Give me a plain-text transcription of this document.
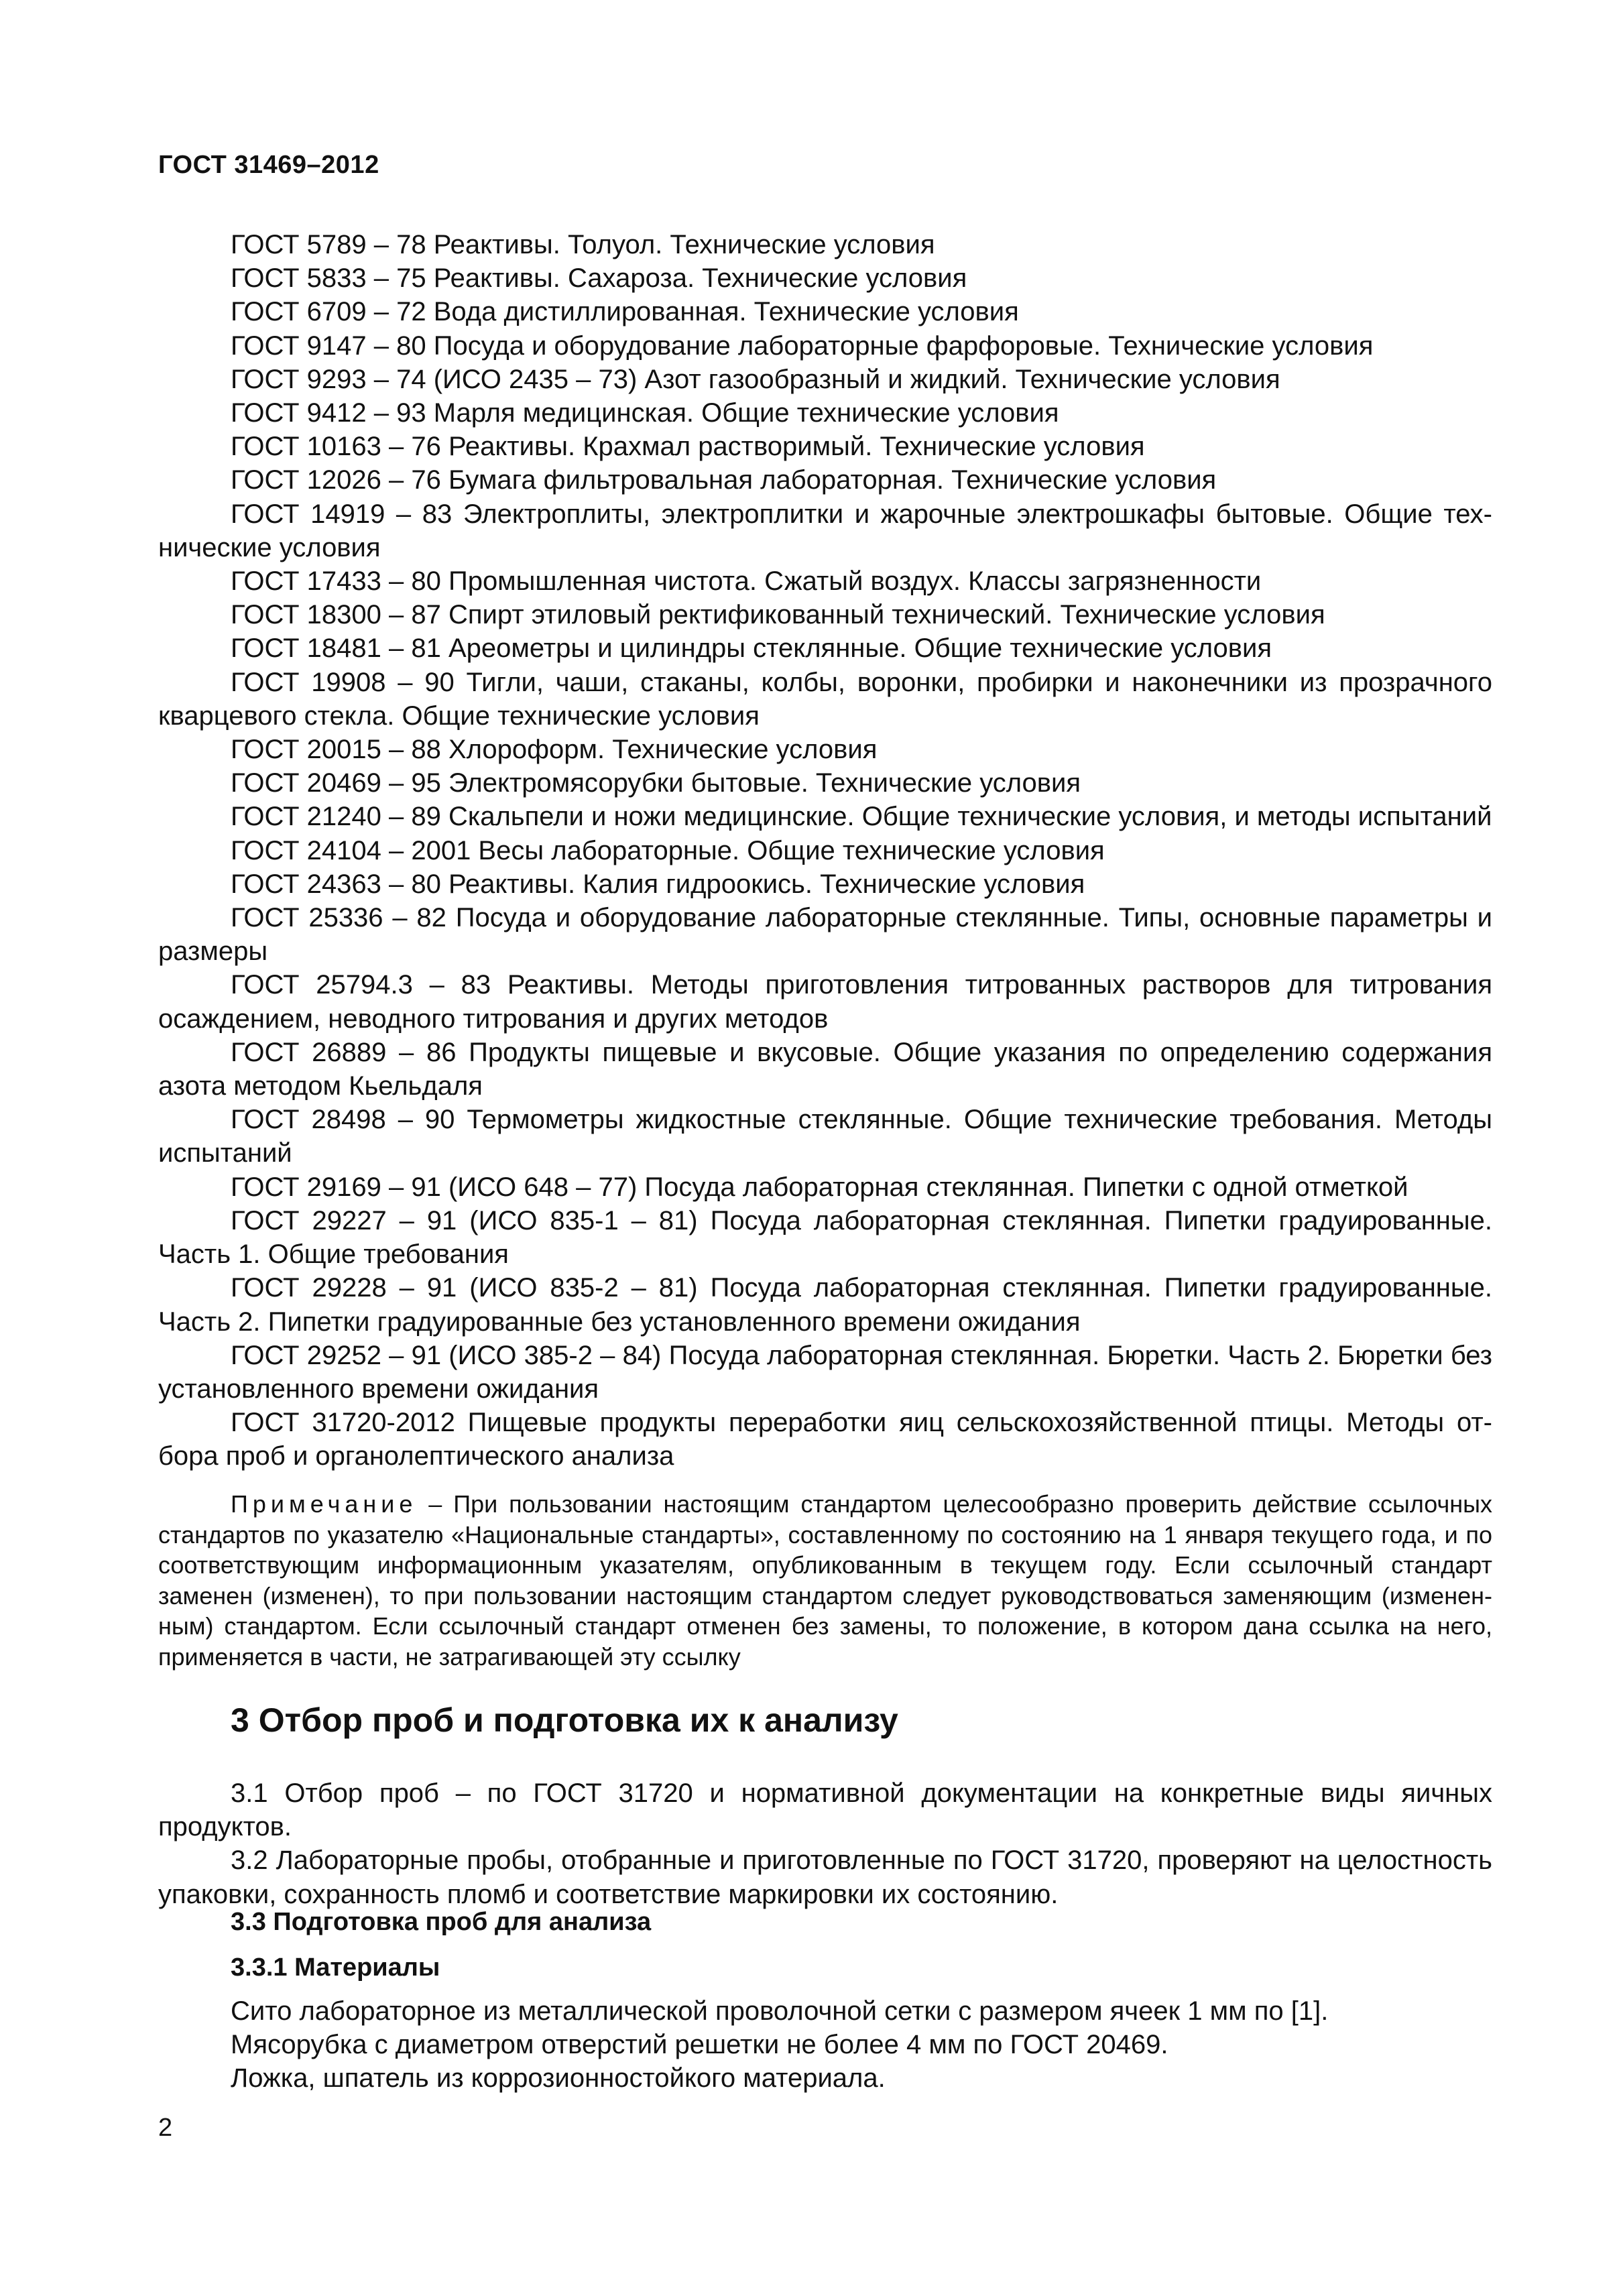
ГОСТ 31469–2012

ГОСТ 5789 – 78 Реактивы. Толуол. Технические условия

ГОСТ 5833 – 75 Реактивы. Сахароза. Технические условия

ГОСТ 6709 – 72 Вода дистиллированная. Технические условия

ГОСТ 9147 – 80 Посуда и оборудование лабораторные фарфоровые. Технические условия

ГОСТ 9293 – 74 (ИСО 2435 – 73) Азот газообразный и жидкий. Технические условия

ГОСТ 9412 – 93 Марля медицинская. Общие технические условия

ГОСТ 10163 – 76 Реактивы. Крахмал растворимый. Технические условия

ГОСТ 12026 – 76 Бумага фильтровальная лабораторная. Технические условия

ГОСТ 14919 – 83 Электроплиты, электроплитки и жарочные электрошкафы бытовые. Общие технические условия

ГОСТ 17433 – 80 Промышленная чистота. Сжатый воздух. Классы загрязненности

ГОСТ 18300 – 87 Спирт этиловый ректификованный технический. Технические условия

ГОСТ 18481 – 81 Ареометры и цилиндры стеклянные. Общие технические условия

ГОСТ 19908 – 90 Тигли, чаши, стаканы, колбы, воронки, пробирки и наконечники из прозрачного кварцевого стекла. Общие технические условия

ГОСТ 20015 – 88 Хлороформ. Технические условия

ГОСТ 20469 – 95 Электромясорубки бытовые. Технические условия

ГОСТ 21240 – 89 Скальпели и ножи медицинские. Общие технические условия, и методы испытаний

ГОСТ 24104 – 2001 Весы лабораторные. Общие технические условия

ГОСТ 24363 – 80 Реактивы. Калия гидроокись. Технические условия

ГОСТ 25336 – 82 Посуда и оборудование лабораторные стеклянные. Типы, основные параметры и размеры

ГОСТ 25794.3 – 83 Реактивы. Методы приготовления титрованных растворов для титрования осаждением, неводного титрования и других методов

ГОСТ 26889 – 86 Продукты пищевые и вкусовые. Общие указания по определению содержания азота методом Кьельдаля

ГОСТ 28498 – 90 Термометры жидкостные стеклянные. Общие технические требования. Методы испытаний

ГОСТ 29169 – 91 (ИСО 648 – 77) Посуда лабораторная стеклянная. Пипетки с одной отметкой

ГОСТ 29227 – 91 (ИСО 835-1 – 81) Посуда лабораторная стеклянная. Пипетки градуированные. Часть 1. Общие требования

ГОСТ 29228 – 91 (ИСО 835-2 – 81) Посуда лабораторная стеклянная. Пипетки градуированные. Часть 2. Пипетки градуированные без установленного времени ожидания

ГОСТ 29252 – 91 (ИСО 385-2 – 84) Посуда лабораторная стеклянная. Бюретки. Часть 2. Бюретки без установленного времени ожидания

ГОСТ 31720-2012 Пищевые продукты переработки яиц сельскохозяйственной птицы. Методы отбора проб и органолептического анализа

Примечание – При пользовании настоящим стандартом целесообразно проверить действие ссылочных стандартов по указателю «Национальные стандарты», составленному по состоянию на 1 января текущего года, и по соответствующим информационным указателям, опубликованным в текущем году. Если ссылочный стандарт заменен (изменен), то при пользовании настоящим стандартом следует руководствоваться заменяющим (измененным) стандартом. Если ссылочный стандарт отменен без замены, то положение, в котором дана ссылка на него, применяется в части, не затрагивающей эту ссылку

3 Отбор проб и подготовка их к анализу

3.1 Отбор проб – по ГОСТ 31720 и нормативной документации на конкретные виды яичных продуктов.

3.2 Лабораторные пробы, отобранные и приготовленные по ГОСТ 31720, проверяют на целостность упаковки, сохранность пломб и соответствие маркировки их состоянию.

3.3 Подготовка проб для анализа
3.3.1 Материалы

Сито лабораторное из металлической проволочной сетки с размером ячеек 1 мм по [1].

Мясорубка с диаметром отверстий решетки не более 4 мм по ГОСТ 20469.

Ложка, шпатель из коррозионностойкого материала.

2
